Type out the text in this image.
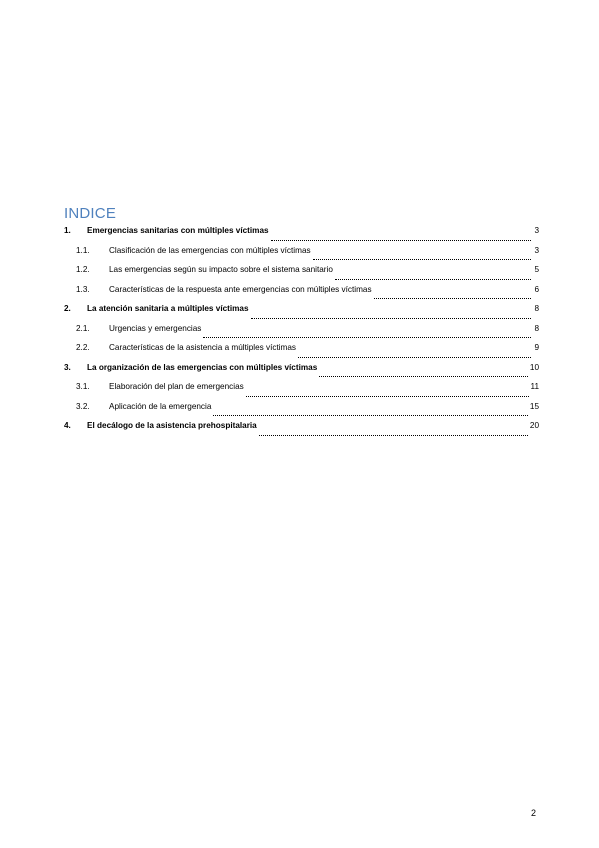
INDICE
1.	Emergencias sanitarias con múltiples víctimas	3
1.1.	Clasificación de las emergencias con múltiples víctimas	3
1.2.	Las emergencias según su impacto sobre el sistema sanitario	5
1.3.	Características de la respuesta ante emergencias con múltiples víctimas	6
2.	La atención sanitaria a múltiples víctimas	8
2.1.	Urgencias y emergencias	8
2.2.	Características de la asistencia a múltiples víctimas	9
3.	La organización de las emergencias con múltiples víctimas	10
3.1.	Elaboración del plan de emergencias	11
3.2.	Aplicación de la emergencia	15
4.	El decálogo de la asistencia prehospitalaria	20
2
